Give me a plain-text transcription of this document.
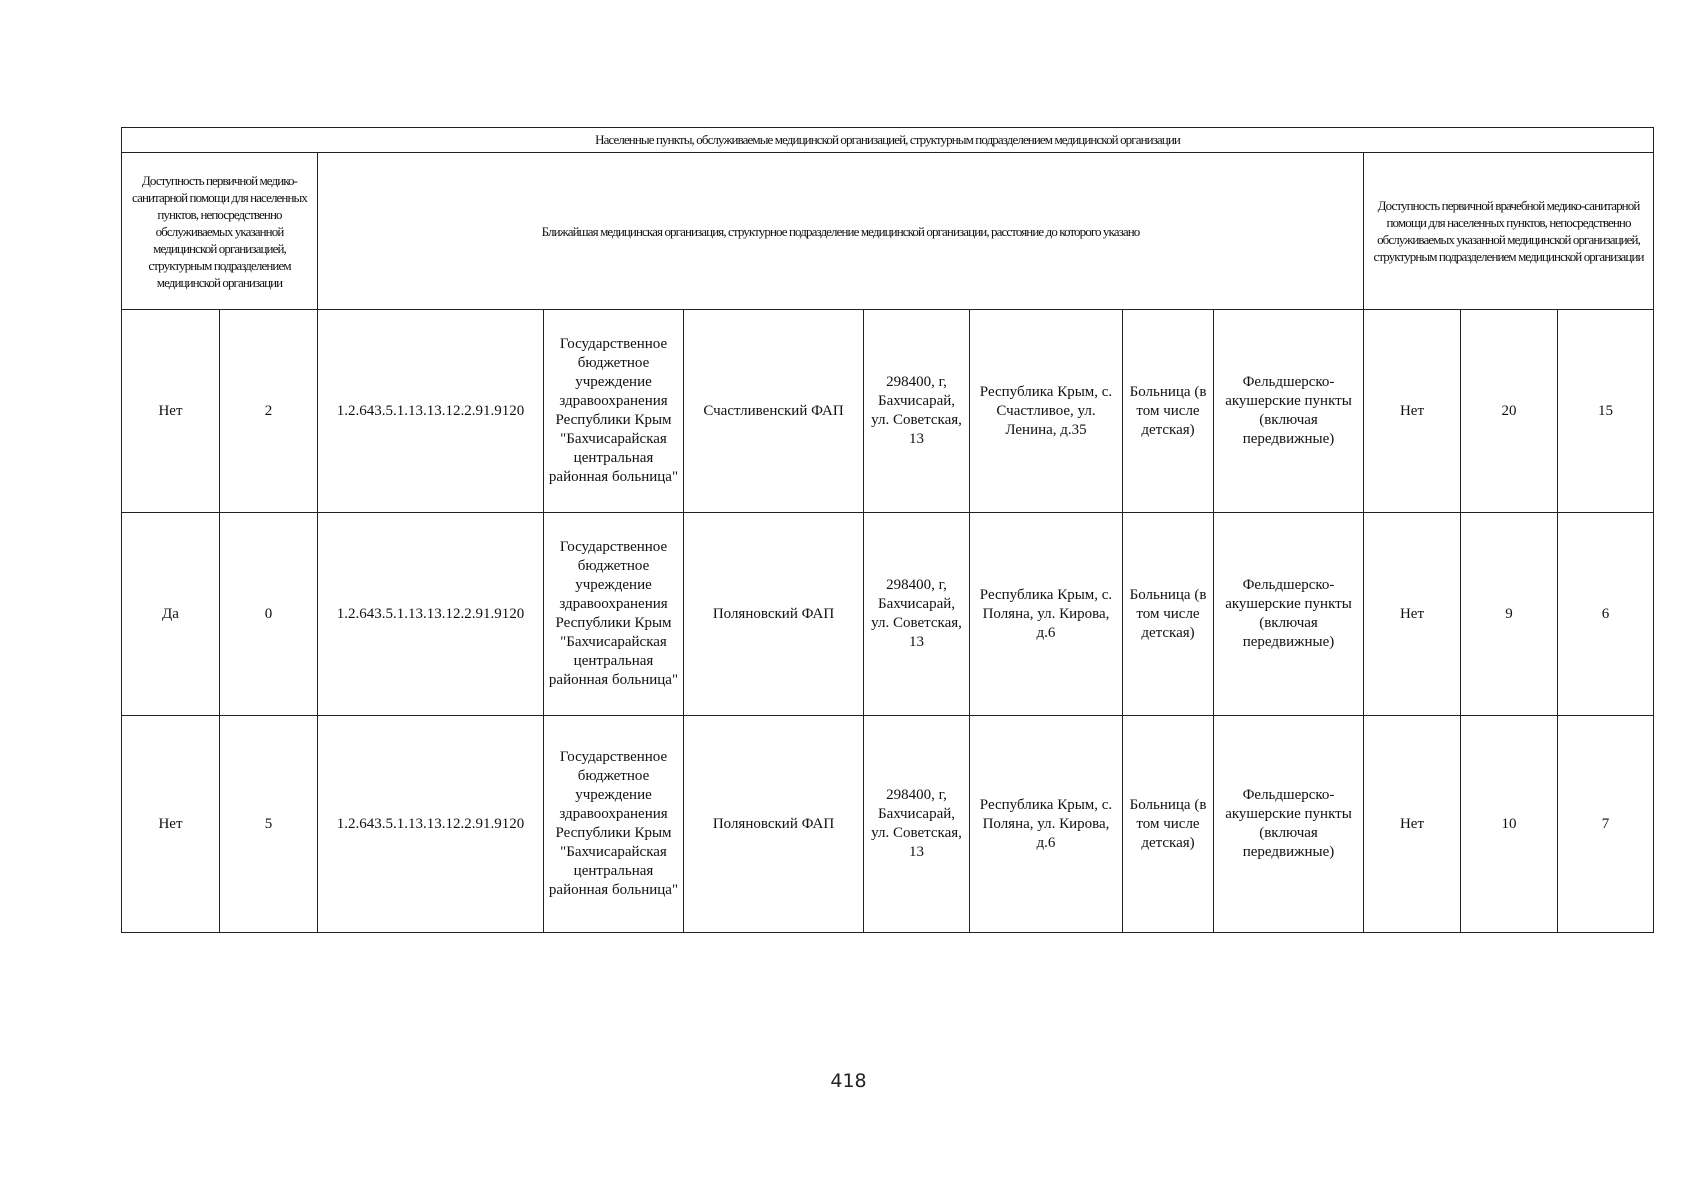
Населенные пункты, обслуживаемые медицинской организацией, структурным подразделением медицинской организации											
Доступность первичной медико-санитарной помощи для населенных пунктов, непосредственно обслуживаемых указанной медицинской организацией, структурным подразделением медицинской организации		Ближайшая медицинская организация, структурное подразделение медицинской организации, расстояние до которого указано							Доступность первичной врачебной медико-санитарной помощи для населенных пунктов, непосредственно обслуживаемых указанной медицинской организацией, структурным подразделением медицинской организации		
Нет	2	1.2.643.5.1.13.13.12.2.91.9120	Государственное бюджетное учреждение здравоохранения Республики Крым "Бахчисарайская центральная районная больница"	Счастливенский ФАП	298400, г, Бахчисарай, ул. Советская, 13	Республика Крым, с. Счастливое, ул. Ленина, д.35	Больница (в том числе детская)	Фельдшерско-акушерские пункты (включая передвижные)	Нет	20	15
Да	0	1.2.643.5.1.13.13.12.2.91.9120	Государственное бюджетное учреждение здравоохранения Республики Крым "Бахчисарайская центральная районная больница"	Поляновский ФАП	298400, г, Бахчисарай, ул. Советская, 13	Республика Крым, с. Поляна, ул. Кирова, д.6	Больница (в том числе детская)	Фельдшерско-акушерские пункты (включая передвижные)	Нет	9	6
Нет	5	1.2.643.5.1.13.13.12.2.91.9120	Государственное бюджетное учреждение здравоохранения Республики Крым "Бахчисарайская центральная районная больница"	Поляновский ФАП	298400, г, Бахчисарай, ул. Советская, 13	Республика Крым, с. Поляна, ул. Кирова, д.6	Больница (в том числе детская)	Фельдшерско-акушерские пункты (включая передвижные)	Нет	10	7
418
